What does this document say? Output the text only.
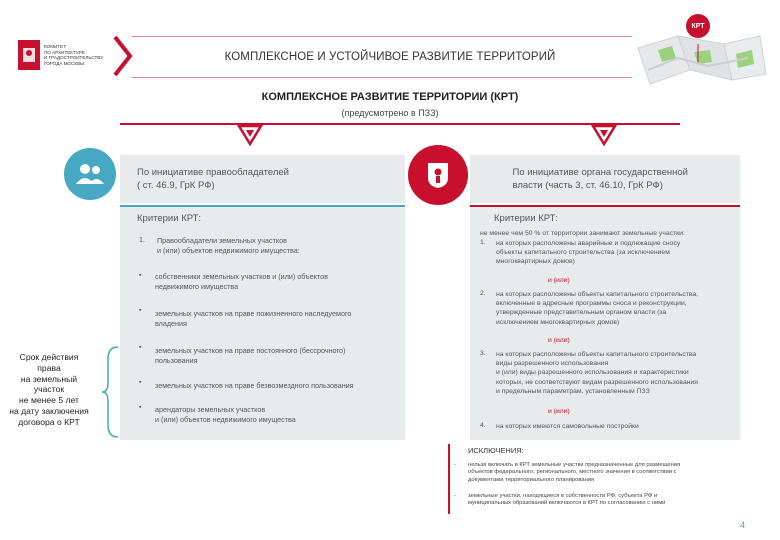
КОМИТЕТ
ПО АРХИТЕКТУРЕ
И ГРАДОСТРОИТЕЛЬСТВУ
ГОРОДА МОСКВЫ
КОМПЛЕКСНОЕ И УСТОЙЧИВОЕ РАЗВИТИЕ ТЕРРИТОРИЙ
КРТ
КОМПЛЕКСНОЕ РАЗВИТИЕ ТЕРРИТОРИИ (КРТ)
(предусмотрено в ПЗЗ)
По инициативе правообладателей
( ст. 46.9, ГрК РФ)
Критерии КРТ:
1. Правообладатели земельных участков
и (или) объектов недвижимого имущества:
▪ собственники земельных участков и (или) объектов
недвижимого имущества
▪ земельных участков на праве пожизненного наследуемого
владения
▪ земельных участков на праве постоянного (бессрочного)
пользования
▪ земельных участков на праве безвозмездного пользования
▪ арендаторы земельных участков
и (или) объектов недвижимого имущества
Срок действия
права
на земельный
участок
не менее 5 лет
на дату заключения
договора о КРТ
По инициативе органа государственной
власти (часть 3, ст. 46.10, ГрК РФ)
Критерии КРТ:
не менее чем 50 % от территории занимают земельные участки:
1. на которых расположены аварийные и подлежащие сносу
объекты капитального строительства (за исключением
многоквартирных домов)
и (или)
2. на которых расположены объекты капитального строительства,
включенные в адресные программы сноса и реконструкции,
утвержденные представительным органом власти (за
исключением многоквартирных домов)
и (или)
3. на которых расположены объекты капитального строительства
виды разрешенного использования
и (или) виды разрешенного использования и характеристики
которых, не соответствуют видам разрешенного использования
и предельным параметрам, установленным ПЗЗ
и (или)
4. на которых имеются самовольные постройки
ИСКЛЮЧЕНИЯ:
- нельзя включать в КРТ земельные участки предназначенные для размещения
объектов федерального, регионального, местного значения в соответствии с
документами территориального планирования
- земельные участки, находящиеся в собственности РФ, субъекта РФ и
муниципальных образований включаются в КРТ по согласованию с ними
4
